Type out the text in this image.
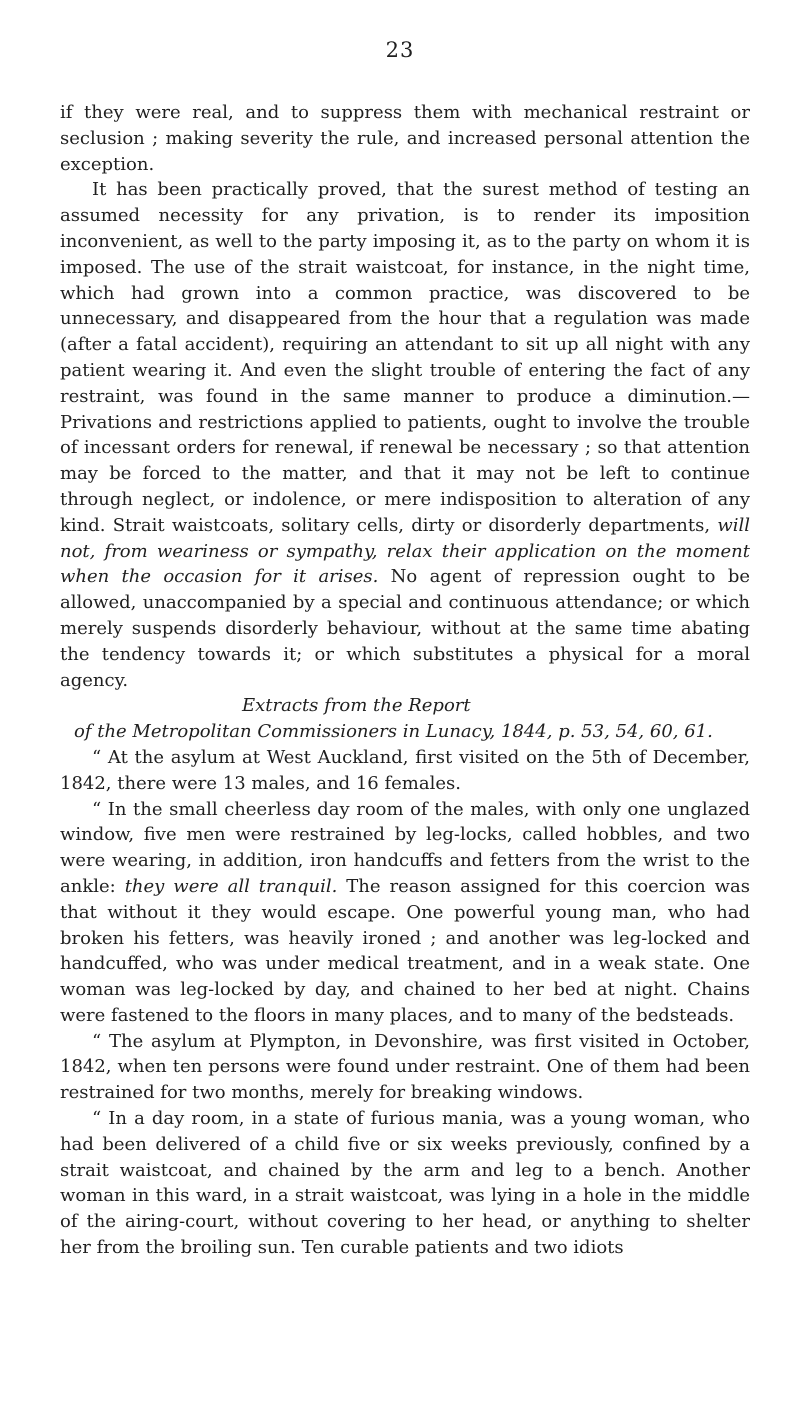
23

if they were real, and to suppress them with mechanical restraint or seclusion ; making severity the rule, and increased personal attention the exception.

It has been practically proved, that the surest method of testing an assumed necessity for any privation, is to render its imposition inconvenient, as well to the party imposing it, as to the party on whom it is imposed. The use of the strait waistcoat, for instance, in the night time, which had grown into a common practice, was discovered to be unnecessary, and disappeared from the hour that a regulation was made (after a fatal accident), requiring an attendant to sit up all night with any patient wearing it. And even the slight trouble of entering the fact of any restraint, was found in the same manner to produce a diminution.— Privations and restrictions applied to patients, ought to involve the trouble of incessant orders for renewal, if renewal be necessary ; so that attention may be forced to the matter, and that it may not be left to continue through neglect, or indolence, or mere indisposition to alteration of any kind. Strait waistcoats, solitary cells, dirty or disorderly departments, will not, from weariness or sympathy, relax their application on the moment when the occasion for it arises. No agent of repression ought to be allowed, unaccompanied by a special and continuous attendance; or which merely suspends disorderly behaviour, without at the same time abating the tendency towards it; or which substitutes a physical for a moral agency.

Extracts from the Report

of the Metropolitan Commissioners in Lunacy, 1844, p. 53, 54, 60, 61.

“ At the asylum at West Auckland, first visited on the 5th of December, 1842, there were 13 males, and 16 females.

“ In the small cheerless day room of the males, with only one unglazed window, five men were restrained by leg-locks, called hobbles, and two were wearing, in addition, iron handcuffs and fetters from the wrist to the ankle: they were all tranquil. The reason assigned for this coercion was that without it they would escape. One powerful young man, who had broken his fetters, was heavily ironed ; and another was leg-locked and handcuffed, who was under medical treatment, and in a weak state. One woman was leg-locked by day, and chained to her bed at night. Chains were fastened to the floors in many places, and to many of the bedsteads.

“ The asylum at Plympton, in Devonshire, was first visited in October, 1842, when ten persons were found under restraint. One of them had been restrained for two months, merely for breaking windows.

“ In a day room, in a state of furious mania, was a young woman, who had been delivered of a child five or six weeks previously, confined by a strait waistcoat, and chained by the arm and leg to a bench. Another woman in this ward, in a strait waistcoat, was lying in a hole in the middle of the airing-court, without covering to her head, or anything to shelter her from the broiling sun. Ten curable patients and two idiots
